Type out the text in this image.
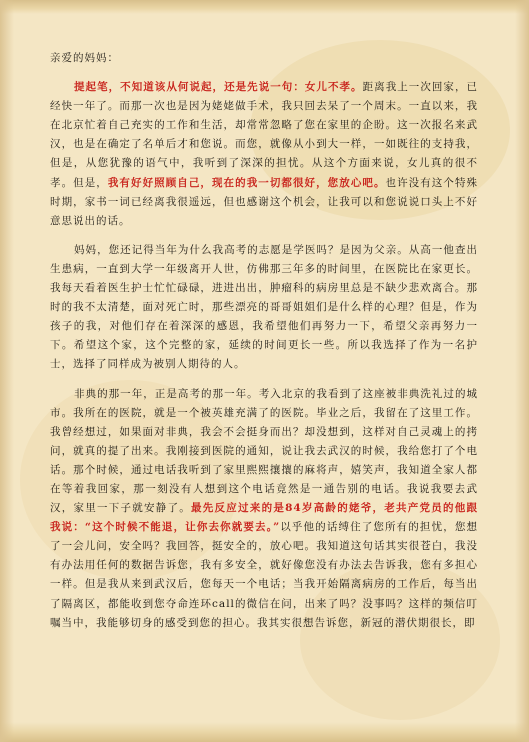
亲爱的妈妈：

提起笔，不知道该从何说起，还是先说一句：女儿不孝。距离我上一次回家，已经快一年了。而那一次也是因为姥姥做手术，我只回去呆了一个周末。一直以来，我在北京忙着自己充实的工作和生活，却常常忽略了您在家里的企盼。这一次报名来武汉，也是在确定了名单后才和您说。而您，就像从小到大一样，一如既往的支持我，但是，从您犹豫的语气中，我听到了深深的担忧。从这个方面来说，女儿真的很不孝。但是，我有好好照顾自己，现在的我一切都很好，您放心吧。也许没有这个特殊时期，家书一词已经离我很遥远，但也感谢这个机会，让我可以和您说说口头上不好意思说出的话。

妈妈，您还记得当年为什么我高考的志愿是学医吗？是因为父亲。从高一他查出生患病，一直到大学一年级离开人世，仿佛那三年多的时间里，在医院比在家更长。我每天看着医生护士忙忙碌碌，进进出出，肿瘤科的病房里总是不缺少悲欢离合。那时的我不太清楚，面对死亡时，那些漂亮的哥哥姐姐们是什么样的心理？但是，作为孩子的我，对他们存在着深深的感恩，我希望他们再努力一下，希望父亲再努力一下。希望这个家，这个完整的家，延续的时间更长一些。所以我选择了作为一名护士，选择了同样成为被别人期待的人。

非典的那一年，正是高考的那一年。考入北京的我看到了这座被非典洗礼过的城市。我所在的医院，就是一个被英雄充满了的医院。毕业之后，我留在了这里工作。我曾经想过，如果面对非典，我会不会挺身而出？却没想到，这样对自己灵魂上的拷问，就真的提了出来。我刚接到医院的通知，说让我去武汉的时候，我给您打了个电话。那个时候，通过电话我听到了家里熙熙攘攘的麻将声，嬉笑声，我知道全家人都在等着我回家，那一刻没有人想到这个电话竟然是一通告别的电话。我说我要去武汉，家里一下子就安静了。最先反应过来的是84岁高龄的姥爷，老共产党员的他跟我说：“这个时候不能退，让你去你就要去。”以乎他的话缚住了您所有的担忧，您想了一会儿问，安全吗？我回答，挺安全的，放心吧。我知道这句话其实很苍白，我没有办法用任何的数据告诉您，我有多安全，就好像您没有办法去告诉我，您有多担心一样。但是我从来到武汉后，您每天一个电话；当我开始隔离病房的工作后，每当出了隔离区，都能收到您夺命连环call的微信在问，出来了吗？没事吗？这样的频信叮嘱当中，我能够切身的感受到您的担心。我其实很想告诉您，新冠的潜伏期很长，即
